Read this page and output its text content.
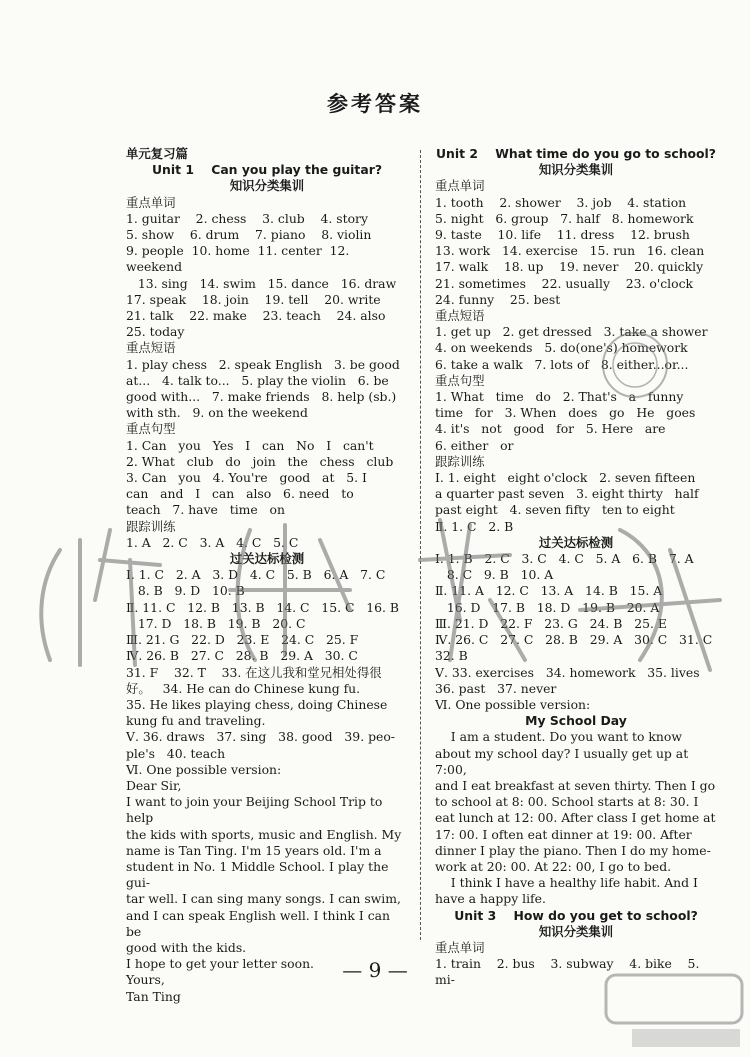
参考答案
单元复习篇
Unit 1    Can you play the guitar?
知识分类集训
重点单词
1. guitar    2. chess    3. club    4. story
5. show    6. drum    7. piano    8. violin
9. people  10. home  11. center  12. weekend
13. sing   14. swim   15. dance   16. draw
17. speak    18. join    19. tell    20. write
21. talk    22. make    23. teach    24. also
25. today
重点短语
1. play chess   2. speak English   3. be good
at...   4. talk to...   5. play the violin   6. be
good with...   7. make friends   8. help (sb.)
with sth.   9. on the weekend
重点句型
1. Can   you   Yes   I   can   No   I   can't
2. What   club   do   join   the   chess   club
3. Can   you   4. You're   good   at   5. I
can   and   I   can   also   6. need   to
teach   7. have   time   on
跟踪训练
1. A   2. C   3. A   4. C   5. C
过关达标检测
Ⅰ. 1. C   2. A   3. D   4. C   5. B   6. A   7. C
8. B   9. D   10. B
Ⅱ. 11. C   12. B   13. B   14. C   15. C   16. B
17. D   18. B   19. B   20. C
Ⅲ. 21. G   22. D   23. E   24. C   25. F
Ⅳ. 26. B   27. C   28. B   29. A   30. C
31. F    32. T    33. 在这儿我和堂兄相处得很
好。   34. He can do Chinese kung fu.
35. He likes playing chess, doing Chinese
kung fu and traveling.
Ⅴ. 36. draws   37. sing   38. good   39. peo-
ple's   40. teach
Ⅵ. One possible version:
Dear Sir,
I want to join your Beijing School Trip to help
the kids with sports, music and English. My
name is Tan Ting. I'm 15 years old. I'm a
student in No. 1 Middle School. I play the gui-
tar well. I can sing many songs. I can swim,
and I can speak English well. I think I can be
good with the kids.
I hope to get your letter soon.
Yours,
Tan Ting
Unit 2    What time do you go to school?
知识分类集训
重点单词
1. tooth    2. shower    3. job    4. station
5. night   6. group   7. half   8. homework
9. taste    10. life    11. dress    12. brush
13. work   14. exercise   15. run   16. clean
17. walk    18. up    19. never    20. quickly
21. sometimes    22. usually    23. o'clock
24. funny    25. best
重点短语
1. get up   2. get dressed   3. take a shower
4. on weekends   5. do(one's) homework
6. take a walk   7. lots of   8. either...or...
重点句型
1. What   time   do   2. That's   a   funny
time   for   3. When   does   go   He   goes
4. it's   not   good   for   5. Here   are
6. either   or
跟踪训练
Ⅰ. 1. eight   eight o'clock   2. seven fifteen
a quarter past seven   3. eight thirty   half
past eight   4. seven fifty   ten to eight
Ⅱ. 1. C   2. B
过关达标检测
Ⅰ. 1. B   2. C   3. C   4. C   5. A   6. B   7. A
8. C   9. B   10. A
Ⅱ. 11. A   12. C   13. A   14. B   15. A
16. D   17. B   18. D   19. B   20. A
Ⅲ. 21. D   22. F   23. G   24. B   25. E
Ⅳ. 26. C   27. C   28. B   29. A   30. C   31. C
32. B
Ⅴ. 33. exercises   34. homework   35. lives
36. past   37. never
Ⅵ. One possible version:
My School Day
I am a student. Do you want to know
about my school day? I usually get up at 7:00,
and I eat breakfast at seven thirty. Then I go
to school at 8: 00. School starts at 8: 30. I
eat lunch at 12: 00. After class I get home at
17: 00. I often eat dinner at 19: 00. After
dinner I play the piano. Then I do my home-
work at 20: 00. At 22: 00, I go to bed.
I think I have a healthy life habit. And I
have a happy life.
Unit 3    How do you get to school?
知识分类集训
重点单词
1. train    2. bus    3. subway    4. bike    5. mi-
— 9 —
